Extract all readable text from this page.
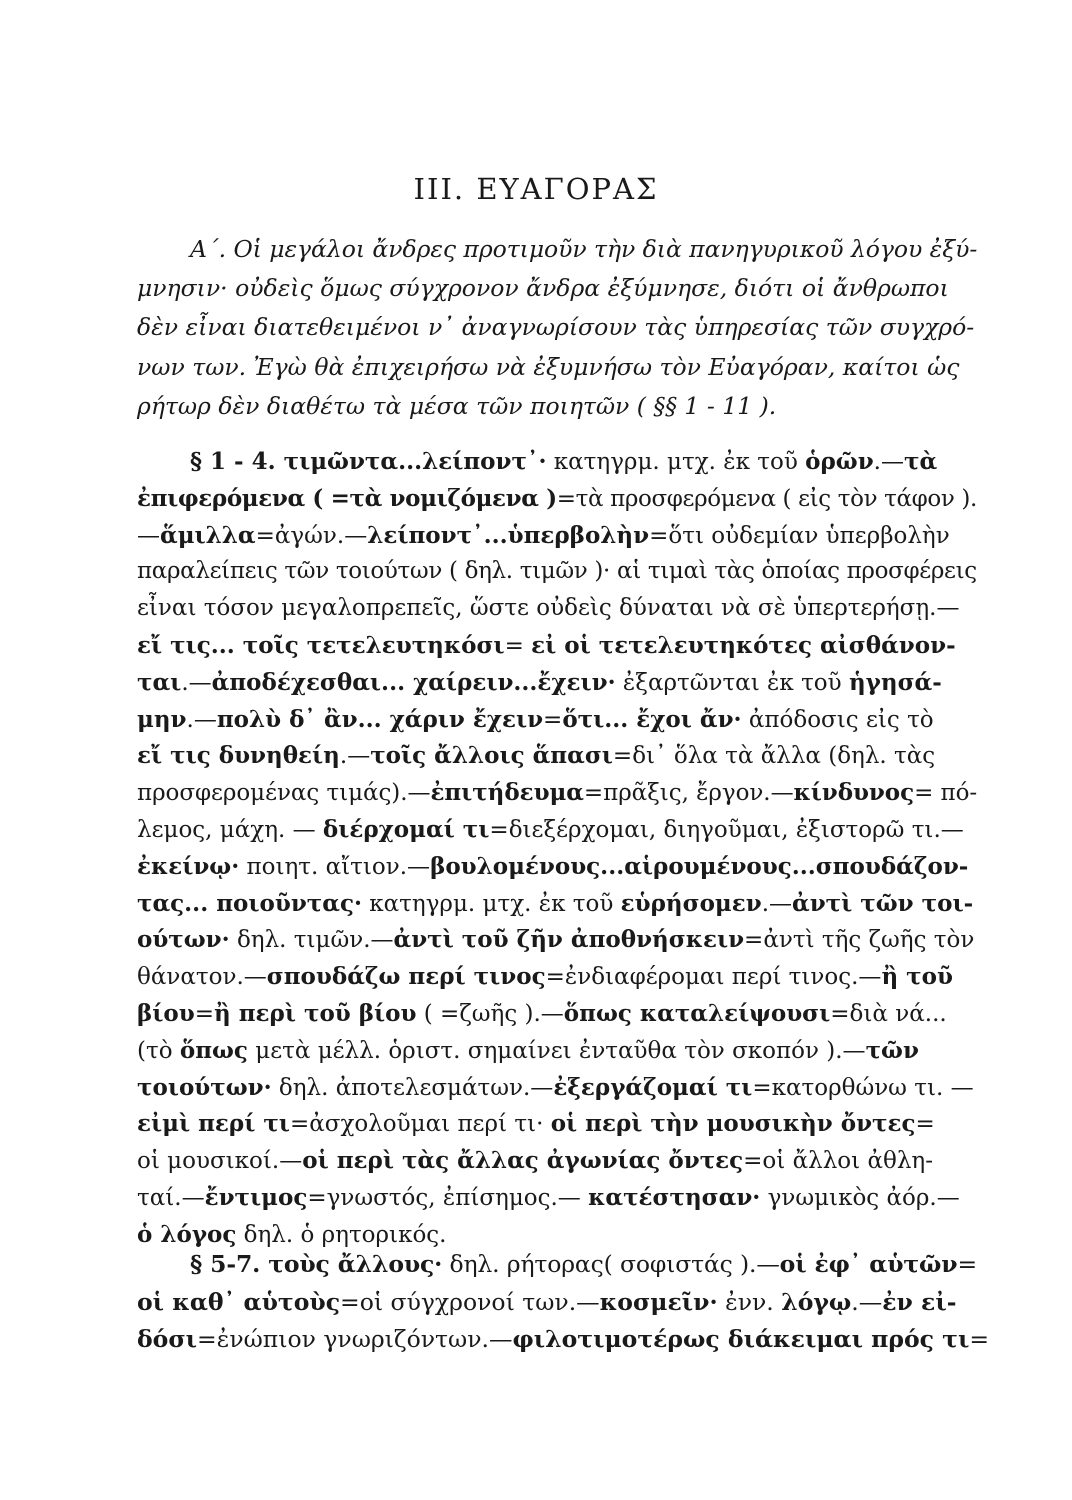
III. ΕΥΑΓΟΡΑΣ
Α΄. Οἱ μεγάλοι ἄνδρες προτιμοῦν τὴν διὰ πανηγυρικοῦ λόγου ἐξύ-
μνησιν· οὐδεὶς ὅμως σύγχρονον ἄνδρα ἐξύμνησε, διότι οἱ ἄνθρωποι
δὲν εἶναι διατεθειμένοι ν᾽ ἀναγνωρίσουν τὰς ὑπηρεσίας τῶν συγχρό-
νων των. Ἐγὼ θὰ ἐπιχειρήσω νὰ ἐξυμνήσω τὸν Εὐαγόραν, καίτοι ὡς
ρήτωρ δὲν διαθέτω τὰ μέσα τῶν ποιητῶν ( §§ 1 - 11 ).
§ 1 - 4. τιμῶντα...λείποντ᾽· κατηγρμ. μτχ. ἐκ τοῦ ὁρῶν.—τὰ
ἐπιφερόμενα ( =τὰ νομιζόμενα )=τὰ προσφερόμενα ( εἰς τὸν τάφον ).
—ἅμιλλα=ἀγών.—λείποντ᾽...ὑπερβολὴν=ὅτι οὐδεμίαν ὑπερβολὴν
παραλείπεις τῶν τοιούτων ( δηλ. τιμῶν )· αἱ τιμαὶ τὰς ὁποίας προσφέρεις
εἶναι τόσον μεγαλοπρεπεῖς, ὥστε οὐδεὶς δύναται νὰ σὲ ὑπερτερήσῃ.—
εἴ τις... τοῖς τετελευτηκόσι= εἰ οἱ τετελευτηκότες αἰσθάνον-
ται.—ἀποδέχεσθαι... χαίρειν...ἔχειν· ἐξαρτῶνται ἐκ τοῦ ἡγησά-
μην.—πολὺ δ᾽ ἂν... χάριν ἔχειν=ὅτι... ἔχοι ἄν· ἀπόδοσις εἰς τὸ
εἴ τις δυνηθείη.—τοῖς ἄλλοις ἅπασι=δι᾽ ὅλα τὰ ἄλλα (δηλ. τὰς
προσφερομένας τιμάς).—ἐπιτήδευμα=πρᾶξις, ἔργον.—κίνδυνος= πό-
λεμος, μάχη. — διέρχομαί τι=διεξέρχομαι, διηγοῦμαι, ἐξιστορῶ τι.—
ἐκείνῳ· ποιητ. αἴτιον.—βουλομένους...αἱρουμένους...σπουδάζον-
τας... ποιοῦντας· κατηγρμ. μτχ. ἐκ τοῦ εὑρήσομεν.—ἀντὶ τῶν τοι-
ούτων· δηλ. τιμῶν.—ἀντὶ τοῦ ζῆν ἀποθνήσκειν=ἀντὶ τῆς ζωῆς τὸν
θάνατον.—σπουδάζω περί τινος=ἐνδιαφέρομαι περί τινος.—ἢ τοῦ
βίου=ἢ περὶ τοῦ βίου ( =ζωῆς ).—ὅπως καταλείψουσι=διὰ νά...
(τὸ ὅπως μετὰ μέλλ. ὁριστ. σημαίνει ἐνταῦθα τὸν σκοπόν ).—τῶν
τοιούτων· δηλ. ἀποτελεσμάτων.—ἐξεργάζομαί τι=κατορθώνω τι. —
εἰμὶ περί τι=ἀσχολοῦμαι περί τι· οἱ περὶ τὴν μουσικὴν ὄντες=
οἱ μουσικοί.—οἱ περὶ τὰς ἄλλας ἀγωνίας ὄντες=οἱ ἄλλοι ἀθλη-
ταί.—ἔντιμος=γνωστός, ἐπίσημος.— κατέστησαν· γνωμικὸς ἀόρ.—
ὁ λόγος δηλ. ὁ ρητορικός.
§ 5-7. τοὺς ἄλλους· δηλ. ρήτορας( σοφιστάς ).—οἱ ἐφ᾽ αὑτῶν=
οἱ καθ᾽ αὑτοὺς=οἱ σύγχρονοί των.—κοσμεῖν· ἐνν. λόγῳ.—ἐν εἰ-
δόσι=ἐνώπιον γνωριζόντων.—φιλοτιμοτέρως διάκειμαι πρός τι=
